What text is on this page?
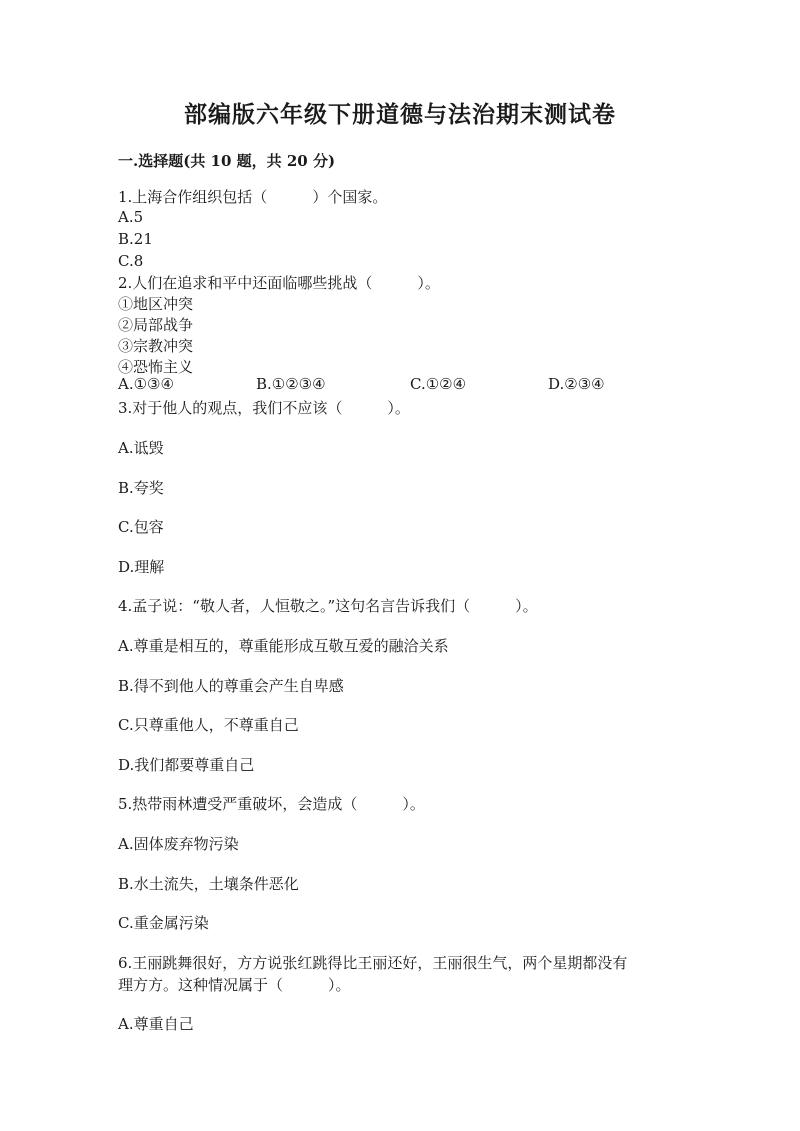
部编版六年级下册道德与法治期末测试卷
一.选择题(共 10 题，共 20 分)
1.上海合作组织包括（　　　）个国家。
A.5
B.21
C.8
2.人们在追求和平中还面临哪些挑战（　　　）。
①地区冲突
②局部战争
③宗教冲突
④恐怖主义
A.①③④	B.①②③④	C.①②④	D.②③④
3.对于他人的观点，我们不应该（　　　）。
A.诋毁
B.夸奖
C.包容
D.理解
4.孟子说：“敬人者，人恒敬之。”这句名言告诉我们（　　　）。
A.尊重是相互的，尊重能形成互敬互爱的融洽关系
B.得不到他人的尊重会产生自卑感
C.只尊重他人，不尊重自己
D.我们都要尊重自己
5.热带雨林遭受严重破坏，会造成（　　　）。
A.固体废弃物污染
B.水土流失，土壤条件恶化
C.重金属污染
6.王丽跳舞很好，方方说张红跳得比王丽还好，王丽很生气，两个星期都没有
理方方。这种情况属于（　　　）。
A.尊重自己
